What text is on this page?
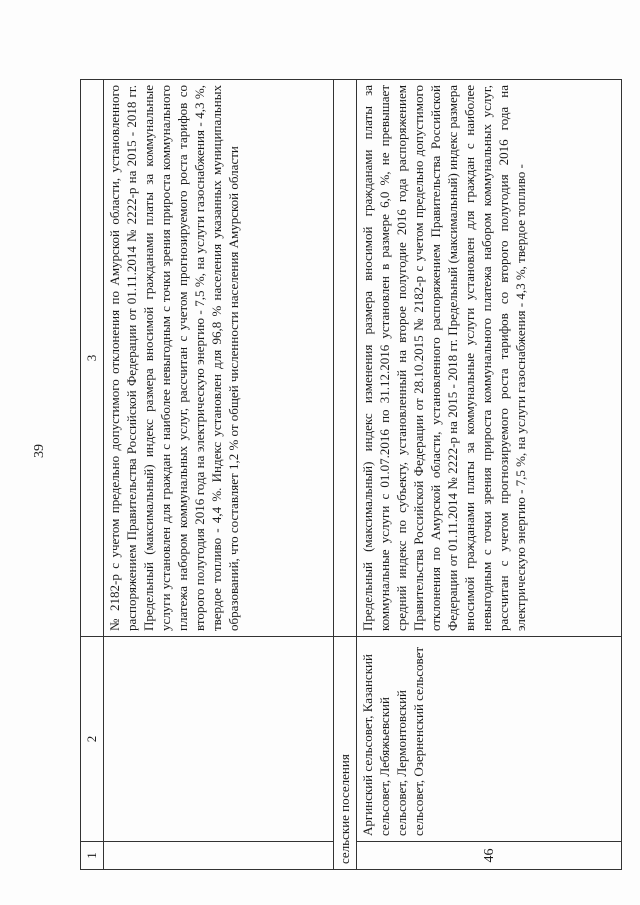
39
1	2	3
		№ 2182-р с учетом предельно допустимого отклонения по Амурской области, установленного распоряжением Правительства Российской Федерации от 01.11.2014 № 2222-р на 2015 - 2018 гг. Предельный (максимальный) индекс размера вносимой гражданами платы за коммунальные услуги установлен для граждан с наиболее невыгодным с точки зрения прироста коммунального платежа набором коммунальных услуг, рассчитан с учетом прогнозируемого роста тарифов со второго полугодия 2016 года на электрическую энергию - 7,5 %, на услуги газоснабжения - 4,3 %, твердое топливо - 4,4 %. Индекс установлен для 96,8 % населения указанных муниципальных образований, что составляет 1,2 % от общей численности населения Амурской области
сельские поселения		
46	Аргинский сельсовет, Казанский сельсовет, Лебяжьевский сельсовет, Лермонтовский сельсовет, Озерненский сельсовет	Предельный (максимальный) индекс изменения размера вносимой гражданами платы за коммунальные услуги с 01.07.2016 по 31.12.2016 установлен в размере 6,0 %, не превышает средний индекс по субъекту, установленный на второе полугодие 2016 года распоряжением Правительства Российской Федерации от 28.10.2015 № 2182-р с учетом предельно допустимого отклонения по Амурской области, установленного распоряжением Правительства Российской Федерации от 01.11.2014 № 2222-р на 2015 - 2018 гг. Предельный (максимальный) индекс размера вносимой гражданами платы за коммунальные услуги установлен для граждан с наиболее невыгодным с точки зрения прироста коммунального платежа набором коммунальных услуг, рассчитан с учетом прогнозируемого роста тарифов со второго полугодия 2016 года на электрическую энергию - 7,5 %, на услуги газоснабжения - 4,3 %, твердое топливо -
